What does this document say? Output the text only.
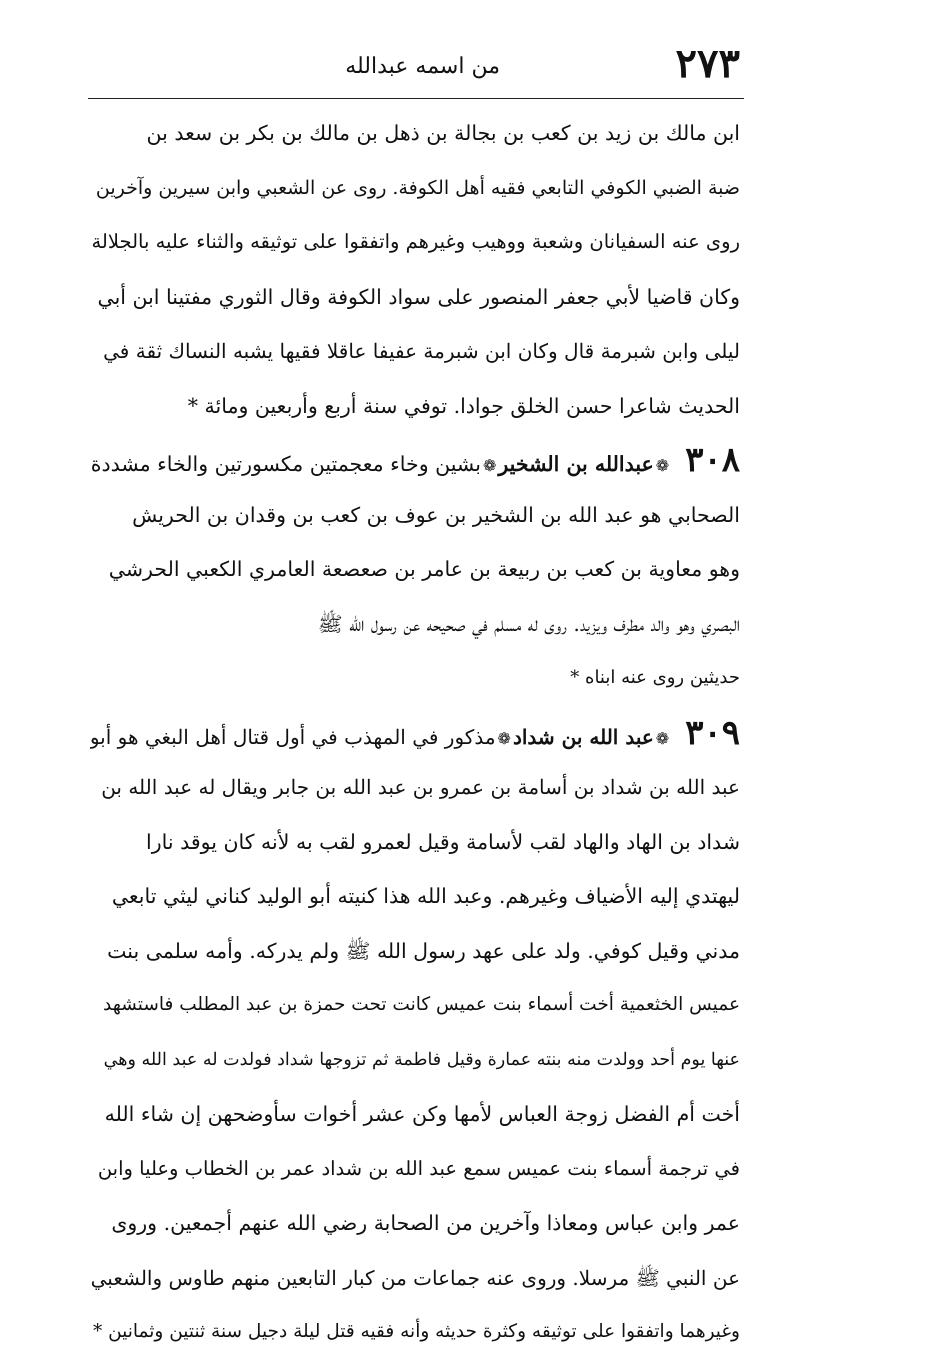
٢٧٣
من اسمه عبدالله
ابن مالك بن زيد بن كعب بن بجالة بن ذهل بن مالك بن بكر بن سعد بن
ضبة الضبي الكوفي التابعي فقيه أهل الكوفة. روى عن الشعبي وابن سيرين وآخرين
روى عنه السفيانان وشعبة ووهيب وغيرهم واتفقوا على توثيقه والثناء عليه بالجلالة
وكان قاضيا لأبي جعفر المنصور على سواد الكوفة وقال الثوري مفتينا ابن أبي
ليلى وابن شبرمة قال وكان ابن شبرمة عفيفا عاقلا فقيها يشبه النساك ثقة في
الحديث شاعرا حسن الخلق جوادا. توفي سنة أربع وأربعين ومائة *
٣٠٨❁عبدالله بن الشخير❁بشين وخاء معجمتين مكسورتين والخاء مشددة
الصحابي هو عبد الله بن الشخير بن عوف بن كعب بن وقدان بن الحريش
وهو معاوية بن كعب بن ربيعة بن عامر بن صعصعة العامري الكعبي الحرشي
البصري وهو والد مطرف ويزيد. روى له مسلم في صحيحه عن رسول الله ﷺ
حديثين روى عنه ابناه *
٣٠٩❁عبد الله بن شداد❁مذكور في المهذب في أول قتال أهل البغي هو أبو
عبد الله بن شداد بن أسامة بن عمرو بن عبد الله بن جابر ويقال له عبد الله بن
شداد بن الهاد والهاد لقب لأسامة وقيل لعمرو لقب به لأنه كان يوقد نارا
ليهتدي إليه الأضياف وغيرهم. وعبد الله هذا كنيته أبو الوليد كناني ليثي تابعي
مدني وقيل كوفي. ولد على عهد رسول الله ﷺ ولم يدركه. وأمه سلمى بنت
عميس الخثعمية أخت أسماء بنت عميس كانت تحت حمزة بن عبد المطلب فاستشهد
عنها يوم أحد وولدت منه بنته عمارة وقيل فاطمة ثم تزوجها شداد فولدت له عبد الله وهي
أخت أم الفضل زوجة العباس لأمها وكن عشر أخوات سأوضحهن إن شاء الله
في ترجمة أسماء بنت عميس سمع عبد الله بن شداد عمر بن الخطاب وعليا وابن
عمر وابن عباس ومعاذا وآخرين من الصحابة رضي الله عنهم أجمعين. وروى
عن النبي ﷺ مرسلا. وروى عنه جماعات من كبار التابعين منهم طاوس والشعبي
وغيرهما واتفقوا على توثيقه وكثرة حديثه وأنه فقيه قتل ليلة دجيل سنة ثنتين وثمانين *
